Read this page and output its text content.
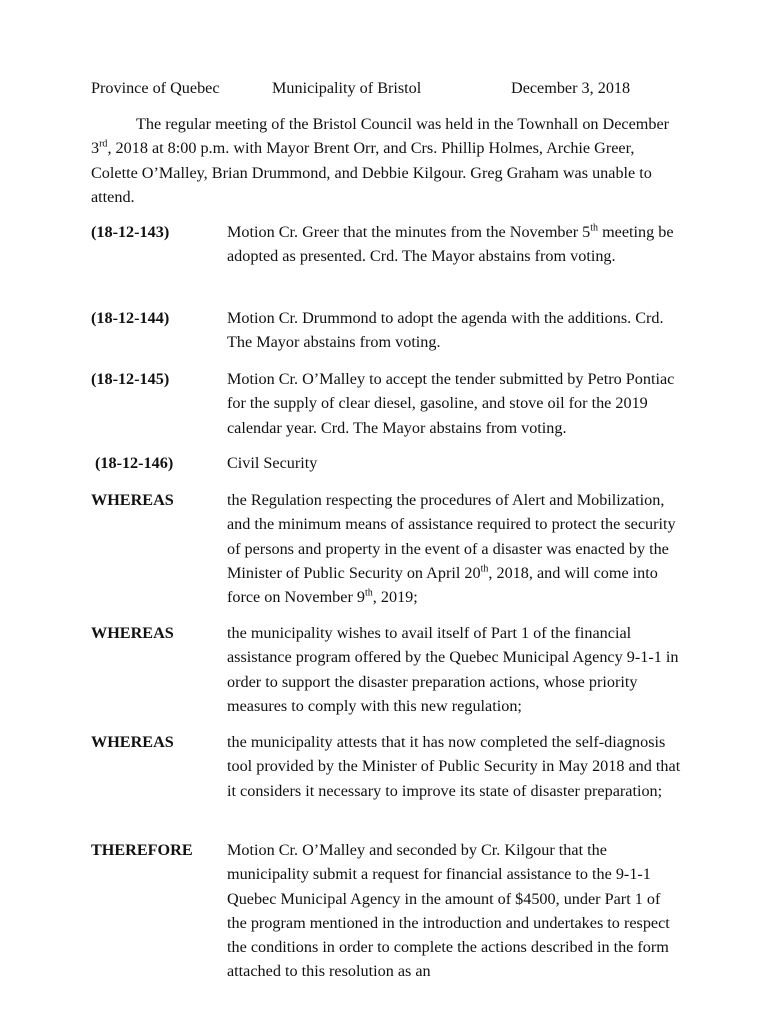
Province of Quebec	Municipality of Bristol	December 3, 2018

The regular meeting of the Bristol Council was held in the Townhall on December 3rd, 2018 at 8:00 p.m. with Mayor Brent Orr, and Crs. Phillip Holmes, Archie Greer, Colette O’Malley, Brian Drummond, and Debbie Kilgour. Greg Graham was unable to attend.

(18-12-143)	Motion Cr. Greer that the minutes from the November 5th meeting be adopted as presented. Crd. The Mayor abstains from voting.

(18-12-144)	Motion Cr. Drummond to adopt the agenda with the additions. Crd. The Mayor abstains from voting.

(18-12-145)	Motion Cr. O’Malley to accept the tender submitted by Petro Pontiac for the supply of clear diesel, gasoline, and stove oil for the 2019 calendar year. Crd. The Mayor abstains from voting.

(18-12-146)	Civil Security

WHEREAS	the Regulation respecting the procedures of Alert and Mobilization, and the minimum means of assistance required to protect the security of persons and property in the event of a disaster was enacted by the Minister of Public Security on April 20th, 2018, and will come into force on November 9th, 2019;

WHEREAS	the municipality wishes to avail itself of Part 1 of the financial assistance program offered by the Quebec Municipal Agency 9-1-1 in order to support the disaster preparation actions, whose priority measures to comply with this new regulation;

WHEREAS	the municipality attests that it has now completed the self-diagnosis tool provided by the Minister of Public Security in May 2018 and that it considers it necessary to improve its state of disaster preparation;

THEREFORE Motion Cr. O’Malley and seconded by Cr. Kilgour that the municipality submit a request for financial assistance to the 9-1-1 Quebec Municipal Agency in the amount of $4500, under Part 1 of the program mentioned in the introduction and undertakes to respect the conditions in order to complete the actions described in the form attached to this resolution as an
